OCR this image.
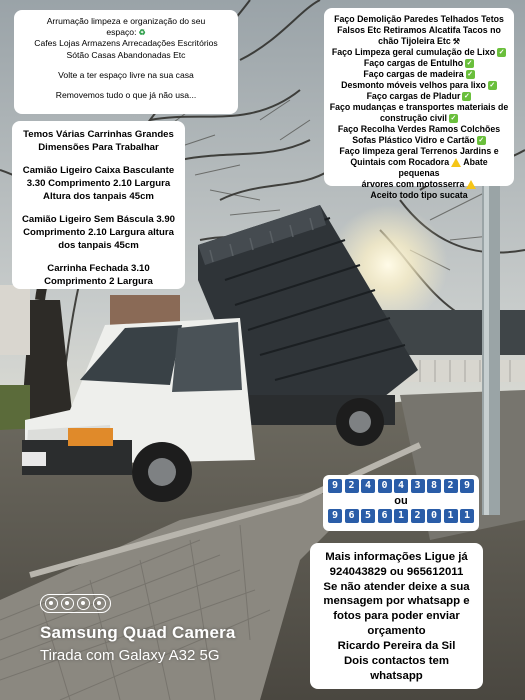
Arrumação limpeza e organização do seu

espaço: ♻

Cafes Lojas Armazens Arrecadações Escritórios

Sótão Casas Abandonadas Etc

Volte a ter espaço livre na sua casa

Removemos tudo o que já não usa...

Temos Várias Carrinhas Grandes

Dimensões Para Trabalhar

Camião Ligeiro Caixa Basculante

3.30 Comprimento 2.10 Largura

Altura dos tanpais 45cm

Camião Ligeiro Sem Báscula 3.90

Comprimento 2.10 Largura altura

dos tanpais 45cm

Carrinha Fechada 3.10

Comprimento 2 Largura

Faço Demolição Paredes Telhados Tetos

Falsos Etc Retiramos Alcatifa Tacos no

chão Tijoleira Etc ⚒

Faço Limpeza geral cumulação de Lixo ✓

Faço cargas de Entulho ✓

Faço cargas de madeira ✓

Desmonto móveis velhos para lixo ✓

Faço cargas de Pladur ✓

Faço mudanças e transportes materiais de

construção civil ✓

Faço Recolha Verdes Ramos Colchões

Sofas Plástico Vidro e Cartão ✓

Faço limpeza geral Terrenos Jardins e

Quintais com Rocadora Abate pequenas

árvores com motosserra

Aceito todo tipo sucata

9	2	4	0	4	3	8	2	9
ou
9	6	5	6	1	2	0	1	1

Mais informações Ligue já

924043829 ou 965612011

Se não atender deixe a sua

mensagem por whatsapp e

fotos para poder enviar

orçamento

Ricardo Pereira da Sil

Dois contactos tem

whatsapp

Samsung Quad Camera
Tirada com Galaxy A32 5G
